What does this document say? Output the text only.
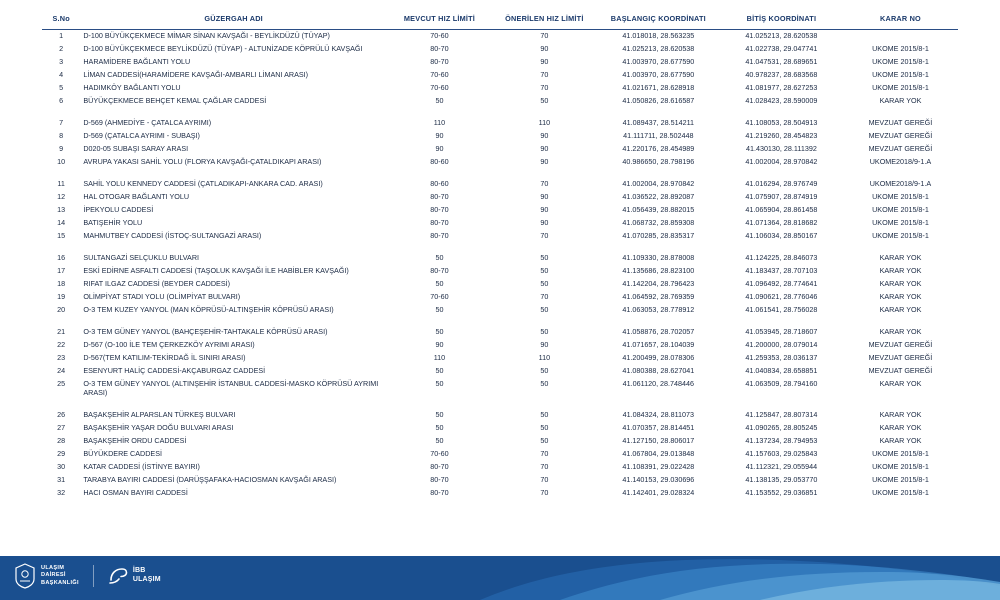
S.No	GÜZERGAH ADI	MEVCUT HIZ LİMİTİ	ÖNERİLEN HIZ LİMİTİ	BAŞLANGIÇ KOORDİNATI	BİTİŞ KOORDİNATI	KARAR NO
1	D-100 BÜYÜKÇEKMECE MİMAR SİNAN KAVŞAĞI - BEYLİKDÜZÜ (TÜYAP)	70-60	70	41.018018, 28.563235	41.025213, 28.620538	
2	D-100 BÜYÜKÇEKMECE BEYLİKDÜZÜ (TÜYAP) - ALTUNİZADE KÖPRÜLÜ KAVŞAĞI	80-70	90	41.025213, 28.620538	41.022738, 29.047741	UKOME 2015/8-1
3	HARAMİDERE BAĞLANTI YOLU	80-70	90	41.003970, 28.677590	41.047531, 28.689651	UKOME 2015/8-1
4	LİMAN CADDESİ(HARAMİDERE KAVŞAĞI-AMBARLI LİMANI ARASI)	70-60	70	41.003970, 28.677590	40.978237, 28.683568	UKOME 2015/8-1
5	HADIMKÖY BAĞLANTI YOLU	70-60	70	41.021671, 28.628918	41.081977, 28.627253	UKOME 2015/8-1
6	BÜYÜKÇEKMECE BEHÇET KEMAL ÇAĞLAR CADDESİ	50	50	41.050826, 28.616587	41.028423, 28.590009	KARAR YOK

7	D-569 (AHMEDİYE - ÇATALCA AYRIMI)	110	110	41.089437, 28.514211	41.108053, 28.504913	MEVZUAT GEREĞİ
8	D-569 (ÇATALCA AYRIMI - SUBAŞI)	90	90	41.111711, 28.502448	41.219260, 28.454823	MEVZUAT GEREĞİ
9	D020-05 SUBAŞI SARAY ARASI	90	90	41.220176, 28.454989	41.430130, 28.111392	MEVZUAT GEREĞİ
10	AVRUPA YAKASI SAHİL YOLU (FLORYA KAVŞAĞI-ÇATALDIKAPI ARASI)	80-60	90	40.986650, 28.798196	41.002004, 28.970842	UKOME2018/9-1.A

11	SAHİL YOLU KENNEDY CADDESİ (ÇATLADIKAPI-ANKARA CAD. ARASI)	80-60	70	41.002004, 28.970842	41.016294, 28.976749	UKOME2018/9-1.A
12	HAL OTOGAR BAĞLANTI YOLU	80-70	90	41.036522, 28.892087	41.075907, 28.874919	UKOME 2015/8-1
13	İPEKYOLU CADDESİ	80-70	90	41.056439, 28.882015	41.065904, 28.861458	UKOME 2015/8-1
14	BATIŞEHİR YOLU	80-70	90	41.068732, 28.859308	41.071364, 28.818682	UKOME 2015/8-1
15	MAHMUTBEY CADDESİ (İSTOÇ-SULTANGAZİ ARASI)	80-70	70	41.070285, 28.835317	41.106034, 28.850167	UKOME 2015/8-1

16	SULTANGAZİ SELÇUKLU BULVARI	50	50	41.109330, 28.878008	41.124225, 28.846073	KARAR YOK
17	ESKİ EDİRNE ASFALTI CADDESİ (TAŞOLUK KAVŞAĞI İLE HABİBLER KAVŞAĞI)	80-70	50	41.135686, 28.823100	41.183437, 28.707103	KARAR YOK
18	RIFAT ILGAZ CADDESİ (BEYDER CADDESİ)	50	50	41.142204, 28.796423	41.096492, 28.774641	KARAR YOK
19	OLİMPİYAT STADI YOLU (OLİMPİYAT BULVARI)	70-60	70	41.064592, 28.769359	41.090621, 28.776046	KARAR YOK
20	O-3 TEM KUZEY YANYOL (MAN KÖPRÜSÜ-ALTINŞEHİR KÖPRÜSÜ ARASI)	50	50	41.063053, 28.778912	41.061541, 28.756028	KARAR YOK

21	O-3 TEM GÜNEY YANYOL (BAHÇEŞEHİR-TAHTAKALE KÖPRÜSÜ ARASI)	50	50	41.058876, 28.702057	41.053945, 28.718607	KARAR YOK
22	D-567 (O-100 İLE TEM ÇERKEZKÖY AYRIMI ARASI)	90	90	41.071657, 28.104039	41.200000, 28.079014	MEVZUAT GEREĞİ
23	D-567(TEM KATILIM-TEKİRDAĞ İL SINIRI ARASI)	110	110	41.200499, 28.078306	41.259353, 28.036137	MEVZUAT GEREĞİ
24	ESENYURT HALİÇ CADDESİ-AKÇABURGAZ CADDESİ	50	50	41.080388, 28.627041	41.040834, 28.658851	MEVZUAT GEREĞİ
25	O-3 TEM GÜNEY YANYOL (ALTINŞEHİR İSTANBUL CADDESİ-MASKO KÖPRÜSÜ AYRIMI ARASI)	50	50	41.061120, 28.748446	41.063509, 28.794160	KARAR YOK

26	BAŞAKŞEHİR ALPARSLAN TÜRKEŞ BULVARI	50	50	41.084324, 28.811073	41.125847, 28.807314	KARAR YOK
27	BAŞAKŞEHİR YAŞAR DOĞU BULVARI ARASI	50	50	41.070357, 28.814451	41.090265, 28.805245	KARAR YOK
28	BAŞAKŞEHİR ORDU CADDESİ	50	50	41.127150, 28.806017	41.137234, 28.794953	KARAR YOK
29	BÜYÜKDERE CADDESİ	70-60	70	41.067804, 29.013848	41.157603, 29.025843	UKOME 2015/8-1
30	KATAR CADDESİ (İSTİNYE BAYIRI)	80-70	70	41.108391, 29.022428	41.112321, 29.055944	UKOME 2015/8-1
31	TARABYA BAYIRI CADDESİ (DARÜŞŞAFAKA-HACIOSMAN KAVŞAĞI ARASI)	80-70	70	41.140153, 29.030696	41.138135, 29.053770	UKOME 2015/8-1
32	HACI OSMAN BAYIRI CADDESİ	80-70	70	41.142401, 29.028324	41.153552, 29.036851	UKOME 2015/8-1
ULAŞIM
DAİRESİ
BAŞKANLIĞI
İBB
ULAŞIM
